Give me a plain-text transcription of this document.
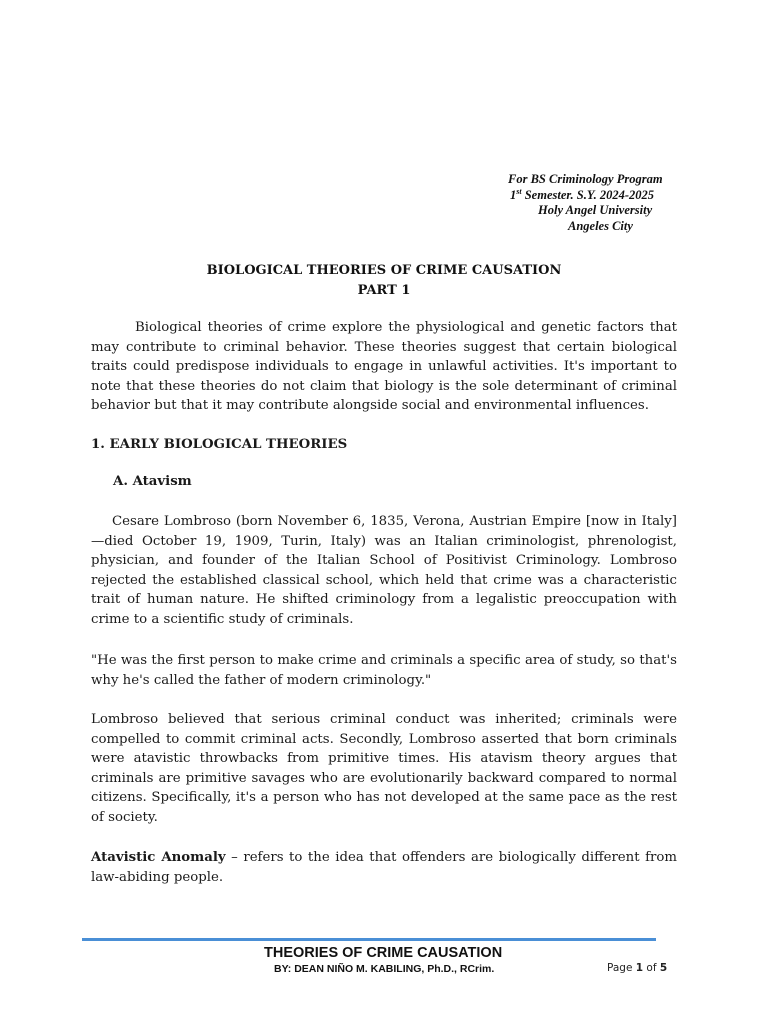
For BS Criminology Program
1st Semester. S.Y. 2024-2025
Holy Angel University
Angeles City
BIOLOGICAL THEORIES OF CRIME CAUSATION
PART 1
Biological theories of crime explore the physiological and genetic factors that may contribute to criminal behavior. These theories suggest that certain biological traits could predispose individuals to engage in unlawful activities. It's important to note that these theories do not claim that biology is the sole determinant of criminal behavior but that it may contribute alongside social and environmental influences.
1. EARLY BIOLOGICAL THEORIES
A. Atavism
Cesare Lombroso (born November 6, 1835, Verona, Austrian Empire [now in Italy]—died October 19, 1909, Turin, Italy) was an Italian criminologist, phrenologist, physician, and founder of the Italian School of Positivist Criminology. Lombroso rejected the established classical school, which held that crime was a characteristic trait of human nature. He shifted criminology from a legalistic preoccupation with crime to a scientific study of criminals.
"He was the first person to make crime and criminals a specific area of study, so that's why he's called the father of modern criminology."
Lombroso believed that serious criminal conduct was inherited; criminals were compelled to commit criminal acts. Secondly, Lombroso asserted that born criminals were atavistic throwbacks from primitive times. His atavism theory argues that criminals are primitive savages who are evolutionarily backward compared to normal citizens. Specifically, it's a person who has not developed at the same pace as the rest of society.
Atavistic Anomaly – refers to the idea that offenders are biologically different from law-abiding people.
THEORIES OF CRIME CAUSATION
BY: DEAN NIÑO M. KABILING, Ph.D., RCrim.	Page 1 of 5
